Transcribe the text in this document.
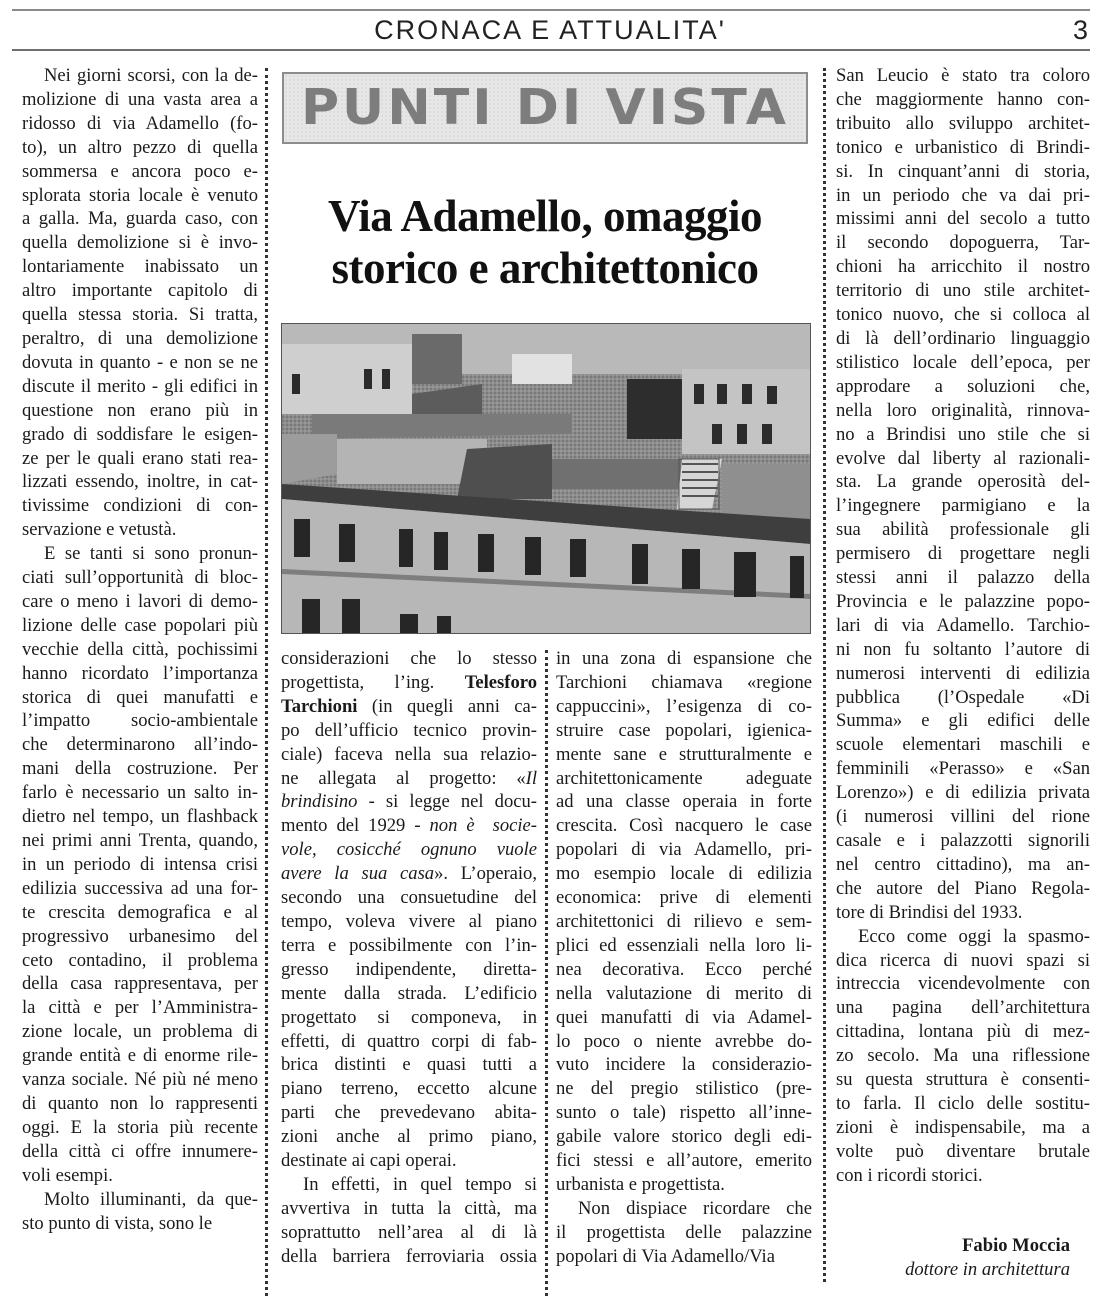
CRONACA E ATTUALITA'	3
PUNTI DI VISTA
Via Adamello, omaggio
storico e architettonico
Nei giorni scorsi, con la de-
molizione di una vasta area a
ridosso di via Adamello (fo-
to), un altro pezzo di quella
sommersa e ancora poco e-
splorata storia locale è venuto
a galla. Ma, guarda caso, con
quella demolizione si è invo-
lontariamente inabissato un
altro importante capitolo di
quella stessa storia. Si tratta,
peraltro, di una demolizione
dovuta in quanto - e non se ne
discute il merito - gli edifici in
questione non erano più in
grado di soddisfare le esigen-
ze per le quali erano stati rea-
lizzati essendo, inoltre, in cat-
tivissime condizioni di con-
servazione e vetustà.
E se tanti si sono pronun-
ciati sull’opportunità di bloc-
care o meno i lavori di demo-
lizione delle case popolari più
vecchie della città, pochissimi
hanno ricordato l’importanza
storica di quei manufatti e
l’impatto socio-ambientale
che determinarono all’indo-
mani della costruzione. Per
farlo è necessario un salto in-
dietro nel tempo, un flashback
nei primi anni Trenta, quando,
in un periodo di intensa crisi
edilizia successiva ad una for-
te crescita demografica e al
progressivo urbanesimo del
ceto contadino, il problema
della casa rappresentava, per
la città e per l’Amministra-
zione locale, un problema di
grande entità e di enorme rile-
vanza sociale. Né più né meno
di quanto non lo rappresenti
oggi. E la storia più recente
della città ci offre innumere-
voli esempi.
Molto illuminanti, da que-
sto punto di vista, sono le
considerazioni che lo stesso
progettista, l’ing. Telesforo
Tarchioni (in quegli anni ca-
po dell’ufficio tecnico provin-
ciale) faceva nella sua relazio-
ne allegata al progetto: «Il
brindisino - si legge nel docu-
mento del 1929 - non è  socie-
vole, cosicché ognuno vuole
avere la sua casa». L’operaio,
secondo una consuetudine del
tempo, voleva vivere al piano
terra e possibilmente con l’in-
gresso indipendente, diretta-
mente dalla strada. L’edificio
progettato si componeva, in
effetti, di quattro corpi di fab-
brica distinti e quasi tutti a
piano terreno, eccetto alcune
parti che prevedevano abita-
zioni anche al primo piano,
destinate ai capi operai.
In effetti, in quel tempo si
avvertiva in tutta la città, ma
soprattutto nell’area al di là
della barriera ferroviaria ossia
in una zona di espansione che
Tarchioni chiamava «regione
cappuccini», l’esigenza di co-
struire case popolari, igienica-
mente sane e strutturalmente e
architettonicamente adeguate
ad una classe operaia in forte
crescita. Così nacquero le case
popolari di via Adamello, pri-
mo esempio locale di edilizia
economica: prive di elementi
architettonici di rilievo e sem-
plici ed essenziali nella loro li-
nea decorativa. Ecco perché
nella valutazione di merito di
quei manufatti di via Adamel-
lo poco o niente avrebbe do-
vuto incidere la considerazio-
ne del pregio stilistico (pre-
sunto o tale) rispetto all’inne-
gabile valore storico degli edi-
fici stessi e all’autore, emerito
urbanista e progettista.
Non dispiace ricordare che
il progettista delle palazzine
popolari di Via Adamello/Via
San Leucio è stato tra coloro
che maggiormente hanno con-
tribuito allo sviluppo architet-
tonico e urbanistico di Brindi-
si. In cinquant’anni di storia,
in un periodo che va dai pri-
missimi anni del secolo a tutto
il secondo dopoguerra, Tar-
chioni ha arricchito il nostro
territorio di uno stile architet-
tonico nuovo, che si colloca al
di là dell’ordinario linguaggio
stilistico locale dell’epoca, per
approdare a soluzioni che,
nella loro originalità, rinnova-
no a Brindisi uno stile che si
evolve dal liberty al razionali-
sta. La grande operosità del-
l’ingegnere parmigiano e la
sua abilità professionale gli
permisero di progettare negli
stessi anni il palazzo della
Provincia e le palazzine popo-
lari di via Adamello. Tarchio-
ni non fu soltanto l’autore di
numerosi interventi di edilizia
pubblica (l’Ospedale «Di
Summa» e gli edifici delle
scuole elementari maschili e
femminili «Perasso» e «San
Lorenzo») e di edilizia privata
(i numerosi villini del rione
casale e i palazzotti signorili
nel centro cittadino), ma an-
che autore del Piano Regola-
tore di Brindisi del 1933.
Ecco come oggi la spasmo-
dica ricerca di nuovi spazi si
intreccia vicendevolmente con
una pagina dell’architettura
cittadina, lontana più di mez-
zo secolo. Ma una riflessione
su questa struttura è consenti-
to farla. Il ciclo delle sostitu-
zioni è indispensabile, ma a
volte può diventare brutale
con i ricordi storici.
Fabio Moccia
dottore in architettura
